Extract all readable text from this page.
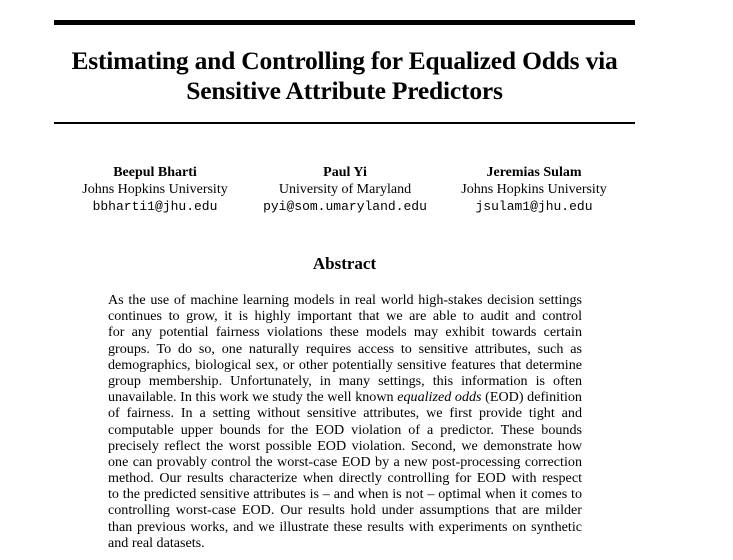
Estimating and Controlling for Equalized Odds via
Sensitive Attribute Predictors
Beepul Bharti
Johns Hopkins University
bbharti1@jhu.edu
Paul Yi
University of Maryland
pyi@som.umaryland.edu
Jeremias Sulam
Johns Hopkins University
jsulam1@jhu.edu
Abstract
As the use of machine learning models in real world high-stakes decision settings
continues to grow, it is highly important that we are able to audit and control
for any potential fairness violations these models may exhibit towards certain
groups. To do so, one naturally requires access to sensitive attributes, such as
demographics, biological sex, or other potentially sensitive features that determine
group membership. Unfortunately, in many settings, this information is often
unavailable. In this work we study the well known equalized odds (EOD) definition
of fairness. In a setting without sensitive attributes, we first provide tight and
computable upper bounds for the EOD violation of a predictor. These bounds
precisely reflect the worst possible EOD violation. Second, we demonstrate how
one can provably control the worst-case EOD by a new post-processing correction
method. Our results characterize when directly controlling for EOD with respect
to the predicted sensitive attributes is – and when is not – optimal when it comes to
controlling worst-case EOD. Our results hold under assumptions that are milder
than previous works, and we illustrate these results with experiments on synthetic
and real datasets.
